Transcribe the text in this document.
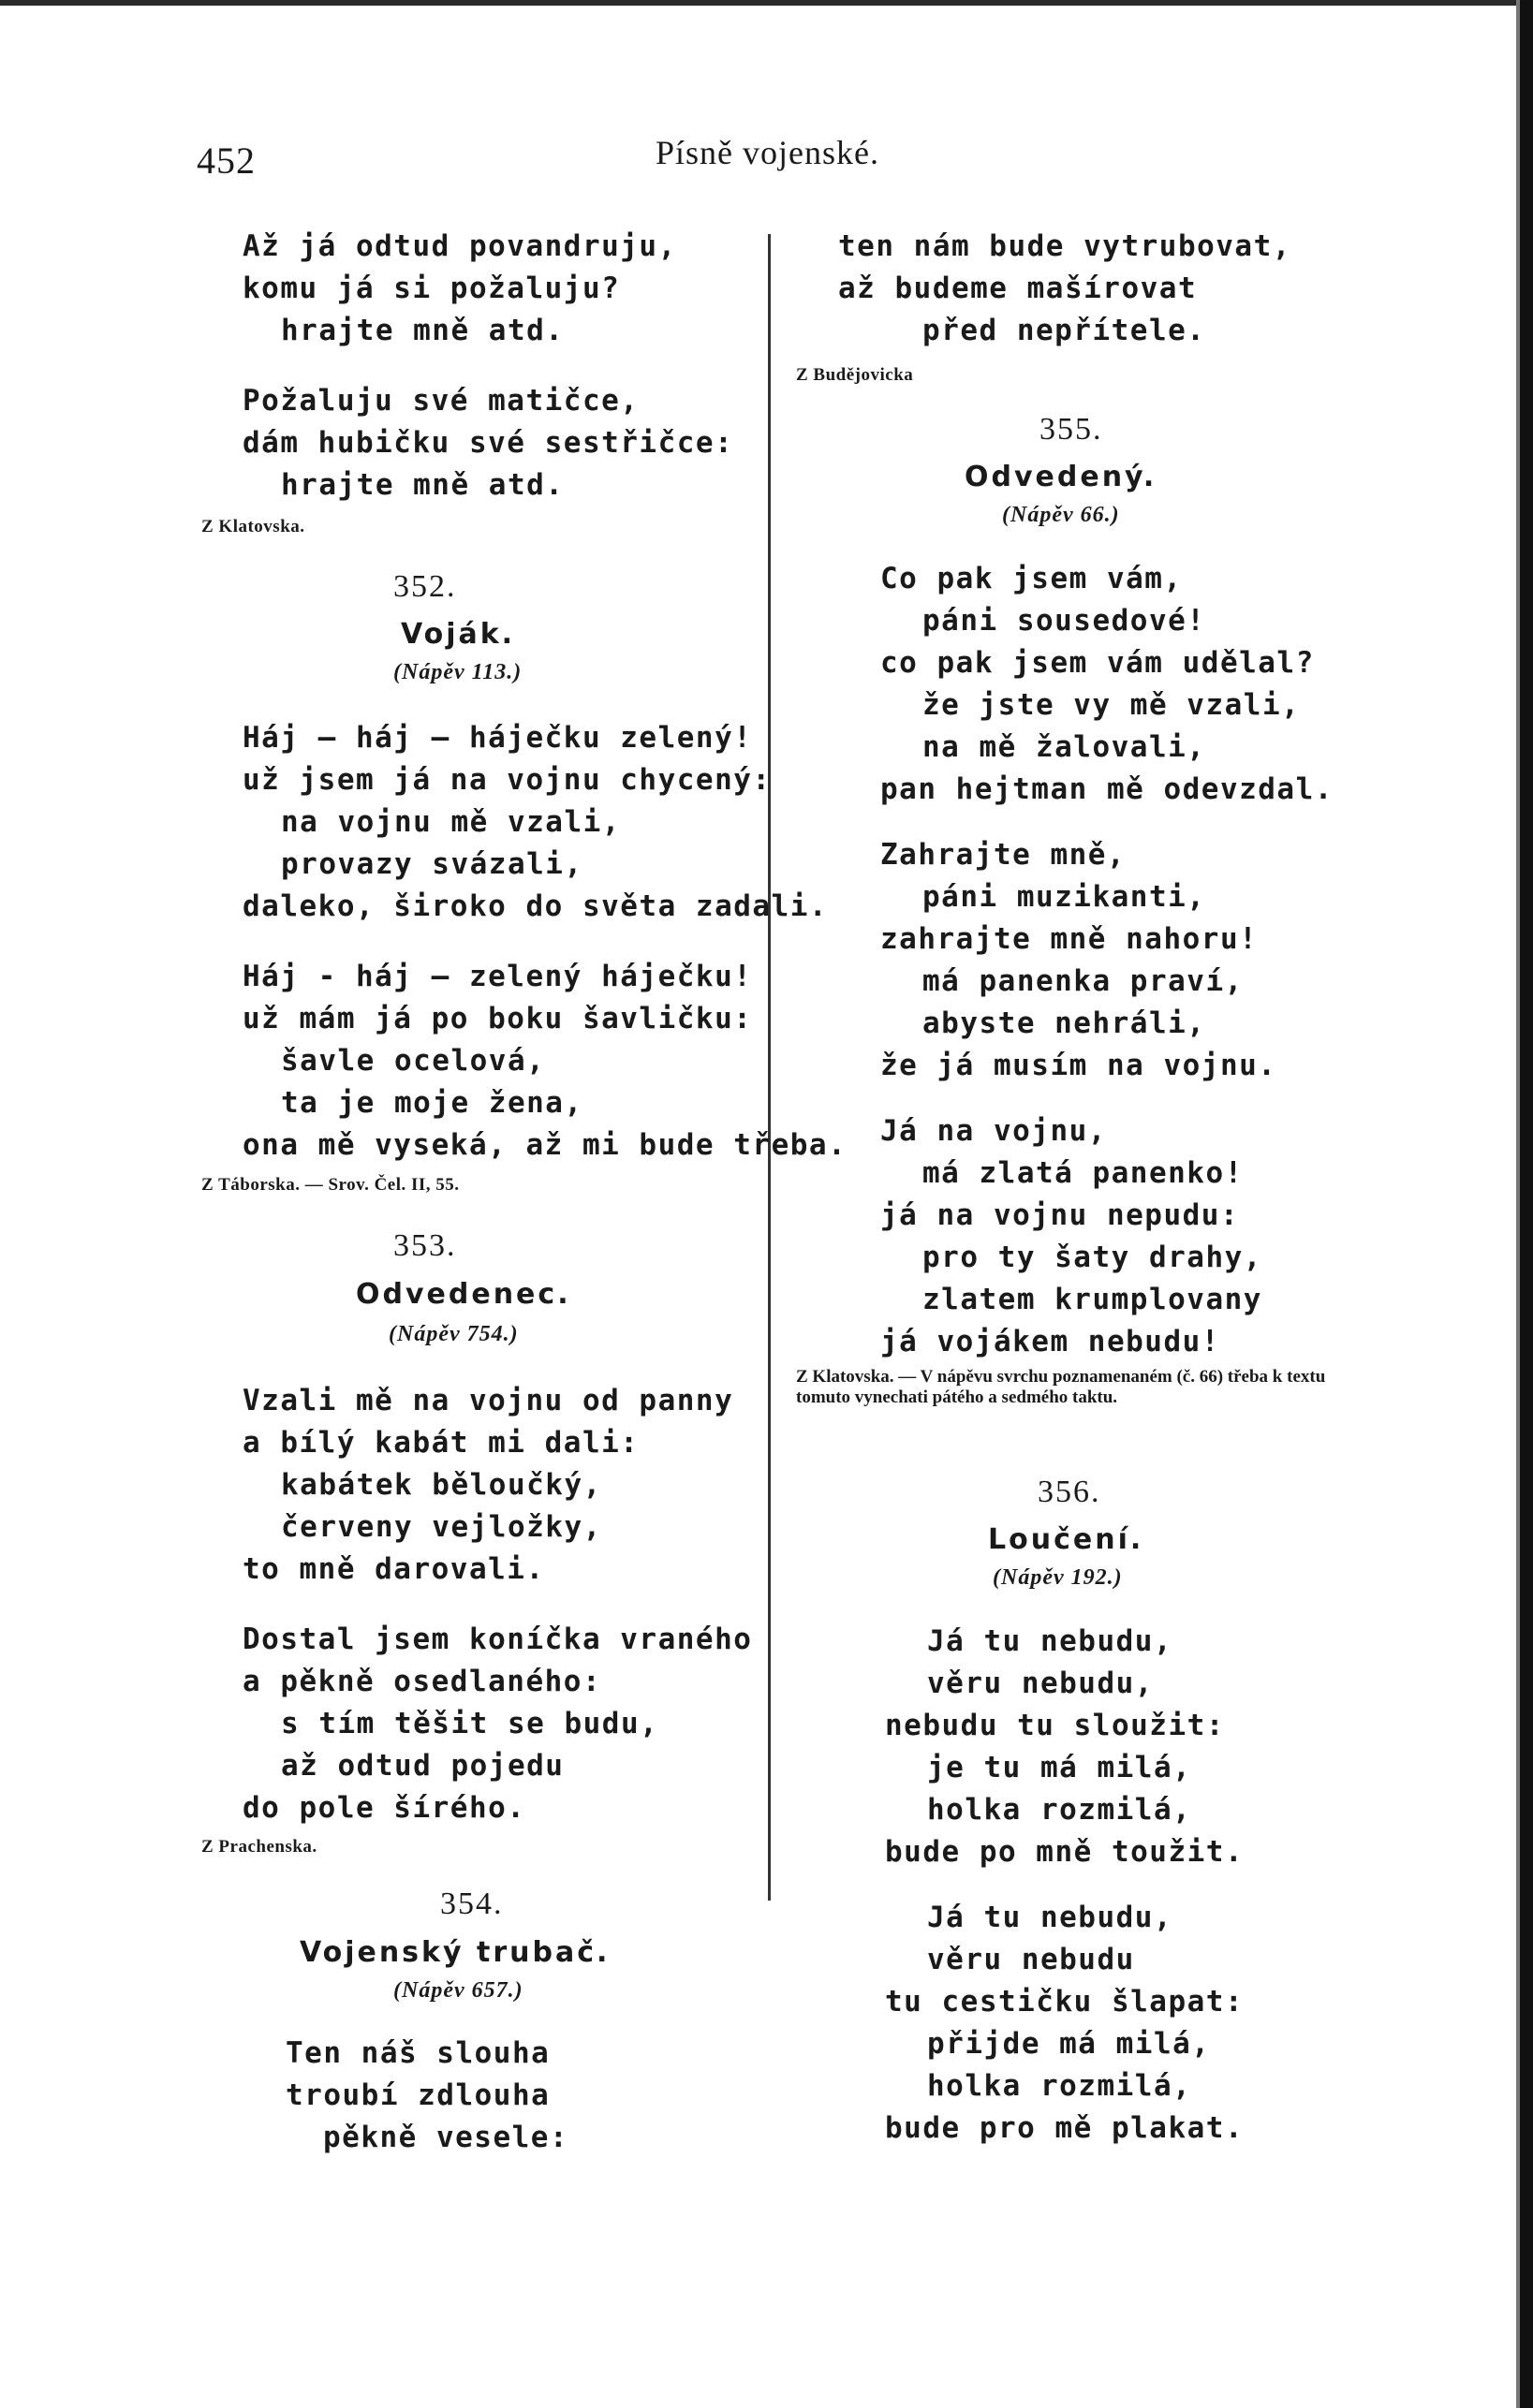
452	Písně vojenské.
Až já odtud povandruju,
komu já si požaluju?
hrajte mně atd.
Požaluju své matičce,
dám hubičku své sestřičce:
hrajte mně atd.
Z Klatovska.
352.
Voják.
(Nápěv 113.)
Háj — háj — háječku zelený!
už jsem já na vojnu chycený:
na vojnu mě vzali,
provazy svázali,
daleko, široko do světa zadali.
Háj - háj — zelený háječku!
už mám já po boku šavličku:
šavle ocelová,
ta je moje žena,
ona mě vyseká, až mi bude třeba.
Z Táborska. — Srov. Čel. II, 55.
353.
Odvedenec.
(Nápěv 754.)
Vzali mě na vojnu od panny
a bílý kabát mi dali:
kabátek běloučký,
červeny vejložky,
to mně darovali.
Dostal jsem koníčka vraného
a pěkně osedlaného:
s tím těšit se budu,
až odtud pojedu
do pole šírého.
Z Prachenska.
354.
Vojenský trubač.
(Nápěv 657.)
Ten náš slouha
troubí zdlouha
pěkně vesele:
ten nám bude vytrubovat,
až budeme mašírovat
před nepřítele.
Z Budějovicka
355.
Odvedený.
(Nápěv 66.)
Co pak jsem vám,
páni sousedové!
co pak jsem vám udělal?
že jste vy mě vzali,
na mě žalovali,
pan hejtman mě odevzdal.
Zahrajte mně,
páni muzikanti,
zahrajte mně nahoru!
má panenka praví,
abyste nehráli,
že já musím na vojnu.
Já na vojnu,
má zlatá panenko!
já na vojnu nepudu:
pro ty šaty drahy,
zlatem krumplovany
já vojákem nebudu!
Z Klatovska. — V nápěvu svrchu poznamenaném (č. 66) třeba k textu tomuto vynechati pátého a sedmého taktu.
356.
Loučení.
(Nápěv 192.)
Já tu nebudu,
věru nebudu,
nebudu tu sloužit:
je tu má milá,
holka rozmilá,
bude po mně toužit.
Já tu nebudu,
věru nebudu
tu cestičku šlapat:
přijde má milá,
holka rozmilá,
bude pro mě plakat.
